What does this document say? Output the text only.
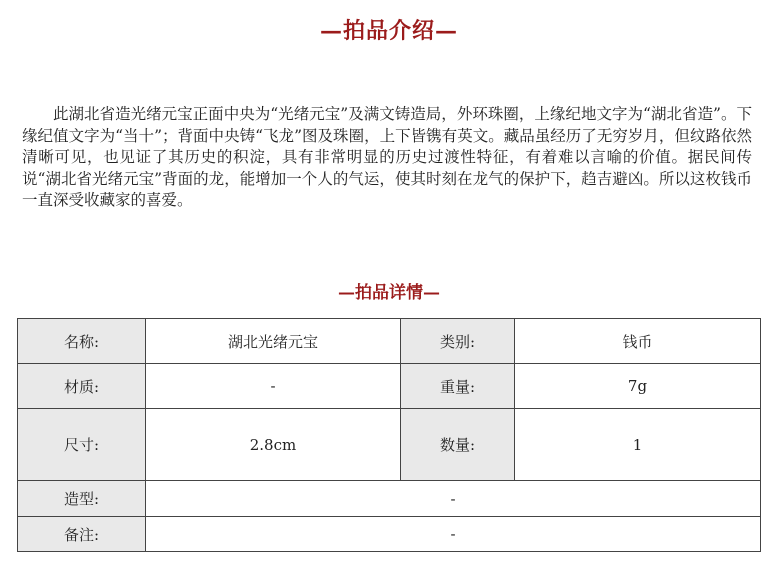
—拍品介绍—
此湖北省造光绪元宝正面中央为“光绪元宝”及满文铸造局，外环珠圈，上缘纪地文字为“湖北省造”。下缘纪值文字为“当十”；背面中央铸“飞龙”图及珠圈，上下皆镌有英文。藏品虽经历了无穷岁月，但纹路依然清晰可见，也见证了其历史的积淀，具有非常明显的历史过渡性特征，有着难以言喻的价值。据民间传说“湖北省光绪元宝”背面的龙，能增加一个人的气运，使其时刻在龙气的保护下，趋吉避凶。所以这枚钱币一直深受收藏家的喜爱。
—拍品详情—
名称:	湖北光绪元宝	类别:	钱币
材质:	-	重量:	7g
尺寸:	2.8cm	数量:	1
造型:	-		
备注:	-		
